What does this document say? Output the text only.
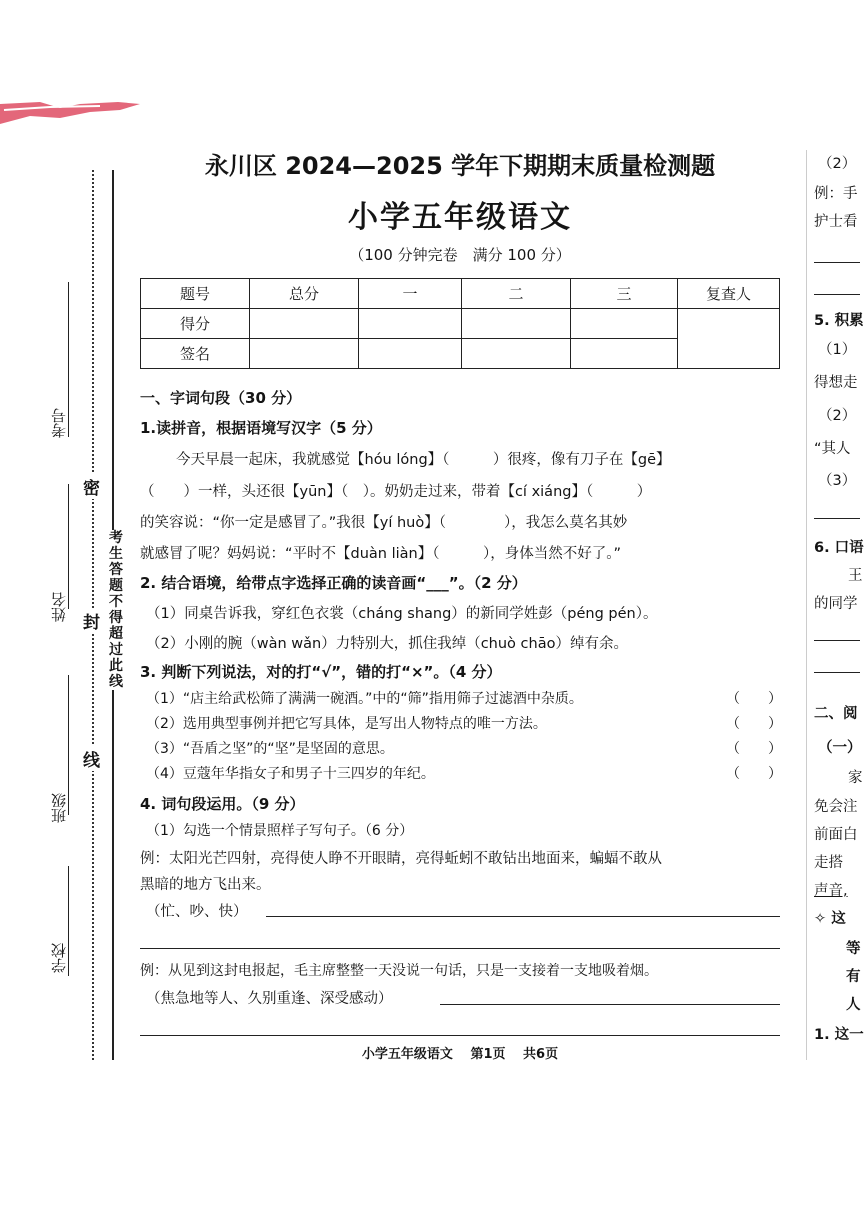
考号
姓名
班级
学校
密
封
线
考生答题不得超过此线
永川区 2024—2025 学年下期期末质量检测题
小学五年级语文
（100 分钟完卷　满分 100 分）
题号	总分	一	二	三	复查人
得分					
签名					
一、字词句段（30 分）
1.读拼音，根据语境写汉字（5 分）
今天早晨一起床，我就感觉【hóu lóng】（　　　）很疼，像有刀子在【gē】
（　　）一样，头还很【yūn】（　）。奶奶走过来，带着【cí xiáng】（　　　）
的笑容说：“你一定是感冒了。”我很【yí huò】（　　　　），我怎么莫名其妙
就感冒了呢？妈妈说：“平时不【duàn liàn】（　　　），身体当然不好了。”
2. 结合语境，给带点字选择正确的读音画“___”。（2 分）
（1）同桌告诉我，穿红色衣裳（cháng shang）的新同学姓彭（péng pén）。
（2）小刚的腕（wàn wǎn）力特别大，抓住我绰（chuò chāo）绰有余。
3. 判断下列说法，对的打“√”，错的打“×”。（4 分）
（1）“店主给武松筛了满满一碗酒。”中的“筛”指用筛子过滤酒中杂质。	（　　）
（2）选用典型事例并把它写具体，是写出人物特点的唯一方法。	（　　）
（3）“吾盾之坚”的“坚”是坚固的意思。	（　　）
（4）豆蔻年华指女子和男子十三四岁的年纪。	（　　）
4. 词句段运用。（9 分）
（1）勾选一个情景照样子写句子。（6 分）
例：太阳光芒四射，亮得使人睁不开眼睛，亮得蚯蚓不敢钻出地面来，蝙蝠不敢从
黑暗的地方飞出来。
（忙、吵、快）
例：从见到这封电报起，毛主席整整一天没说一句话，只是一支接着一支地吸着烟。
（焦急地等人、久别重逢、深受感动）
小学五年级语文　 第1页　 共6页
（2）
例：手
护士看
5. 积累
（1）
得想走
（2）
“其人
（3）
6. 口语
王
的同学
二、阅
（一）
家
免会注
前面白
走搭
声音,
✧ 这
等
有
人
1. 这一
